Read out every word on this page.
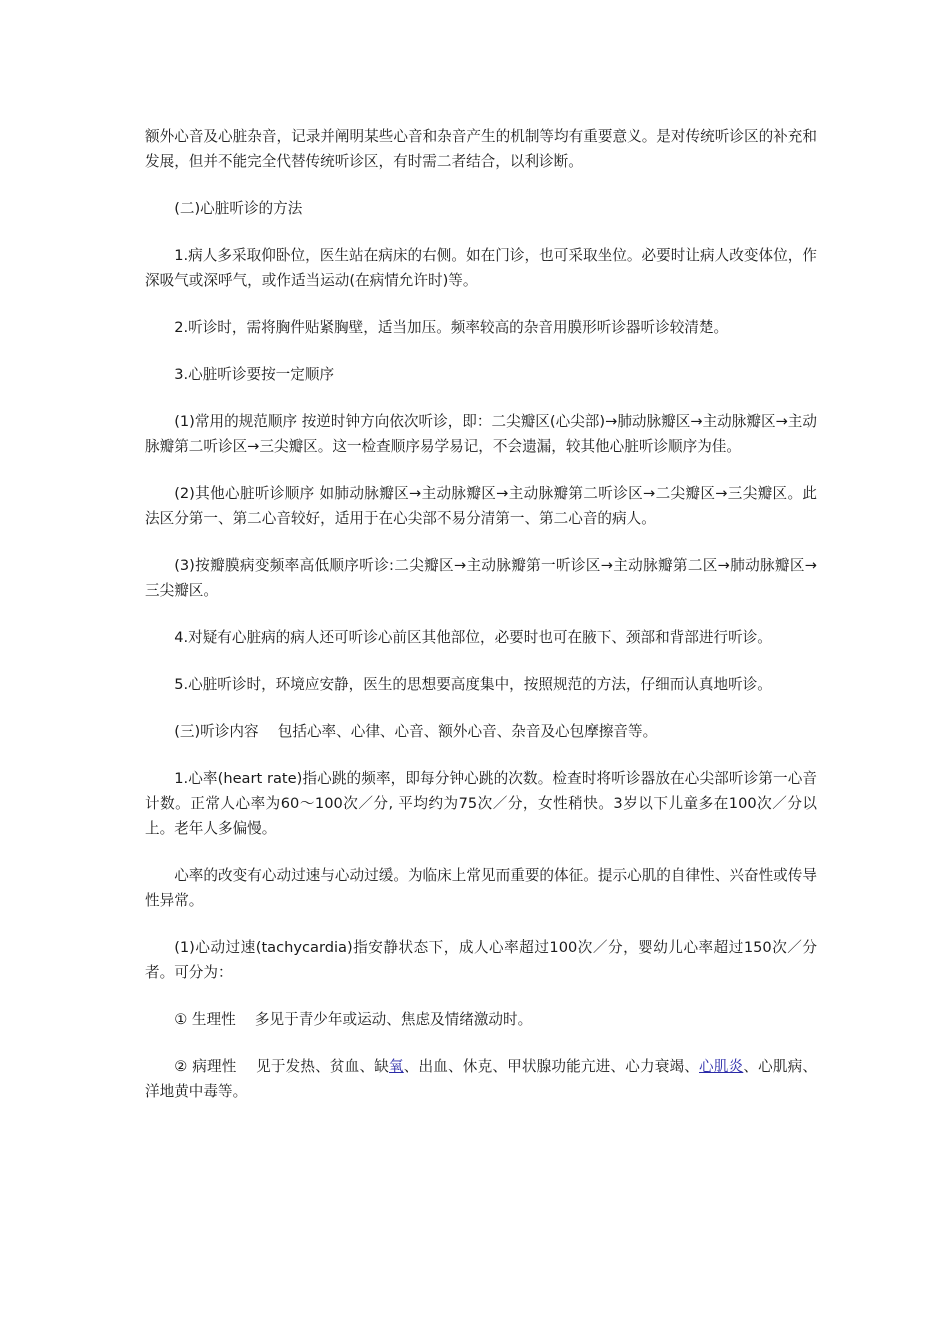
额外心音及心脏杂音，记录并阐明某些心音和杂音产生的机制等均有重要意义。是对传统听诊区的补充和发展，但并不能完全代替传统听诊区，有时需二者结合，以利诊断。

(二)心脏听诊的方法

1.病人多采取仰卧位，医生站在病床的右侧。如在门诊，也可采取坐位。必要时让病人改变体位，作深吸气或深呼气，或作适当运动(在病情允许时)等。

2.听诊时，需将胸件贴紧胸壁，适当加压。频率较高的杂音用膜形听诊器听诊较清楚。

3.心脏听诊要按一定顺序

(1)常用的规范顺序 按逆时钟方向依次听诊，即：二尖瓣区(心尖部)→肺动脉瓣区→主动脉瓣区→主动脉瓣第二听诊区→三尖瓣区。这一检查顺序易学易记，不会遗漏，较其他心脏听诊顺序为佳。

(2)其他心脏听诊顺序 如肺动脉瓣区→主动脉瓣区→主动脉瓣第二听诊区→二尖瓣区→三尖瓣区。此法区分第一、第二心音较好，适用于在心尖部不易分清第一、第二心音的病人。

(3)按瓣膜病变频率高低顺序听诊:二尖瓣区→主动脉瓣第一听诊区→主动脉瓣第二区→肺动脉瓣区→三尖瓣区。

4.对疑有心脏病的病人还可听诊心前区其他部位，必要时也可在腋下、颈部和背部进行听诊。

5.心脏听诊时，环境应安静，医生的思想要高度集中，按照规范的方法，仔细而认真地听诊。

(三)听诊内容　 包括心率、心律、心音、额外心音、杂音及心包摩擦音等。

1.心率(heart rate)指心跳的频率，即每分钟心跳的次数。检查时将听诊器放在心尖部听诊第一心音计数。正常人心率为60～100次／分, 平均约为75次／分，女性稍快。3岁以下儿童多在100次／分以上。老年人多偏慢。

心率的改变有心动过速与心动过缓。为临床上常见而重要的体征。提示心肌的自律性、兴奋性或传导性异常。

(1)心动过速(tachycardia)指安静状态下，成人心率超过100次／分，婴幼儿心率超过150次／分者。可分为：

① 生理性　 多见于青少年或运动、焦虑及情绪激动时。

② 病理性　 见于发热、贫血、缺氧、出血、休克、甲状腺功能亢进、心力衰竭、心肌炎、心肌病、洋地黄中毒等。
